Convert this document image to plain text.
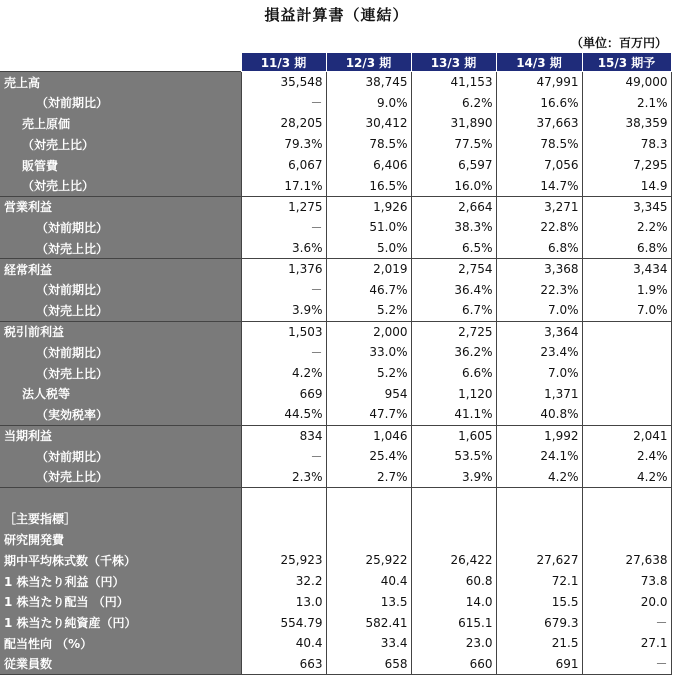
損益計算書（連結）
（単位：百万円）
	11/3 期	12/3 期	13/3 期	14/3 期	15/3 期予
売上高	35,548	38,745	41,153	47,991	49,000
（対前期比）	－	9.0%	6.2%	16.6%	2.1%
売上原価	28,205	30,412	31,890	37,663	38,359
（対売上比）	79.3%	78.5%	77.5%	78.5%	78.3
販管費	6,067	6,406	6,597	7,056	7,295
（対売上比）	17.1%	16.5%	16.0%	14.7%	14.9
営業利益	1,275	1,926	2,664	3,271	3,345
（対前期比）	－	51.0%	38.3%	22.8%	2.2%
（対売上比）	3.6%	5.0%	6.5%	6.8%	6.8%
経常利益	1,376	2,019	2,754	3,368	3,434
（対前期比）	－	46.7%	36.4%	22.3%	1.9%
（対売上比）	3.9%	5.2%	6.7%	7.0%	7.0%
税引前利益	1,503	2,000	2,725	3,364	
（対前期比）	－	33.0%	36.2%	23.4%	
（対売上比）	4.2%	5.2%	6.6%	7.0%	
法人税等	669	954	1,120	1,371	
（実効税率）	44.5%	47.7%	41.1%	40.8%	
当期利益	834	1,046	1,605	1,992	2,041
（対前期比）	－	25.4%	53.5%	24.1%	2.4%
（対売上比）	2.3%	2.7%	3.9%	4.2%	4.2%

［主要指標］					
研究開発費					
期中平均株式数（千株）	25,923	25,922	26,422	27,627	27,638
1 株当たり利益（円）	32.2	40.4	60.8	72.1	73.8
1 株当たり配当 （円）	13.0	13.5	14.0	15.5	20.0
1 株当たり純資産（円）	554.79	582.41	615.1	679.3	－
配当性向 （%）	40.4	33.4	23.0	21.5	27.1
従業員数	663	658	660	691	－
